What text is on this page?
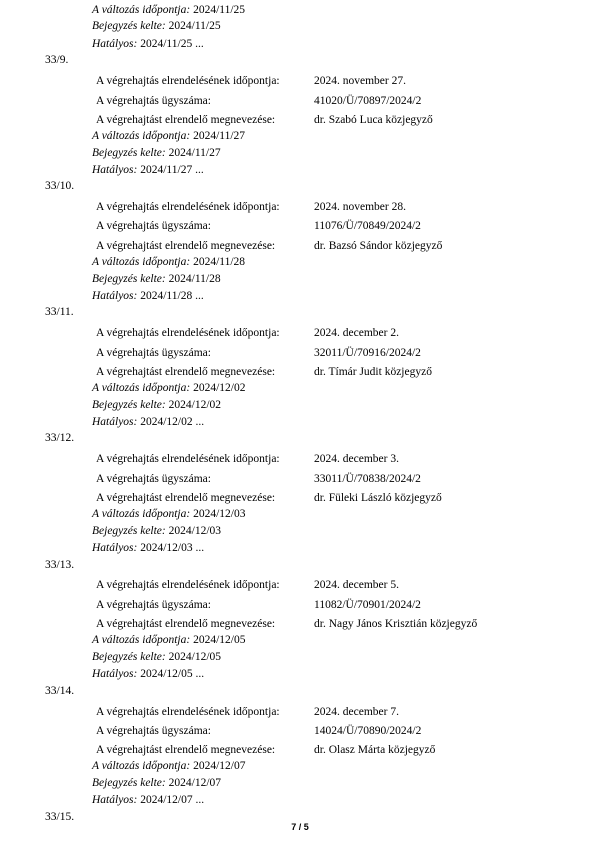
A változás időpontja: 2024/11/25
Bejegyzés kelte: 2024/11/25
Hatályos: 2024/11/25 ...
33/9.
A végrehajtás elrendelésének időpontja:	2024. november 27.
A végrehajtás ügyszáma:	41020/Ü/70897/2024/2
A végrehajtást elrendelő megnevezése:	dr. Szabó Luca közjegyző
A változás időpontja: 2024/11/27
Bejegyzés kelte: 2024/11/27
Hatályos: 2024/11/27 ...
33/10.
A végrehajtás elrendelésének időpontja:	2024. november 28.
A végrehajtás ügyszáma:	11076/Ü/70849/2024/2
A végrehajtást elrendelő megnevezése:	dr. Bazsó Sándor közjegyző
A változás időpontja: 2024/11/28
Bejegyzés kelte: 2024/11/28
Hatályos: 2024/11/28 ...
33/11.
A végrehajtás elrendelésének időpontja:	2024. december 2.
A végrehajtás ügyszáma:	32011/Ü/70916/2024/2
A végrehajtást elrendelő megnevezése:	dr. Tímár Judit közjegyző
A változás időpontja: 2024/12/02
Bejegyzés kelte: 2024/12/02
Hatályos: 2024/12/02 ...
33/12.
A végrehajtás elrendelésének időpontja:	2024. december 3.
A végrehajtás ügyszáma:	33011/Ü/70838/2024/2
A végrehajtást elrendelő megnevezése:	dr. Füleki László közjegyző
A változás időpontja: 2024/12/03
Bejegyzés kelte: 2024/12/03
Hatályos: 2024/12/03 ...
33/13.
A végrehajtás elrendelésének időpontja:	2024. december 5.
A végrehajtás ügyszáma:	11082/Ü/70901/2024/2
A végrehajtást elrendelő megnevezése:	dr. Nagy János Krisztián közjegyző
A változás időpontja: 2024/12/05
Bejegyzés kelte: 2024/12/05
Hatályos: 2024/12/05 ...
33/14.
A végrehajtás elrendelésének időpontja:	2024. december 7.
A végrehajtás ügyszáma:	14024/Ü/70890/2024/2
A végrehajtást elrendelő megnevezése:	dr. Olasz Márta közjegyző
A változás időpontja: 2024/12/07
Bejegyzés kelte: 2024/12/07
Hatályos: 2024/12/07 ...
33/15.
7 / 5
